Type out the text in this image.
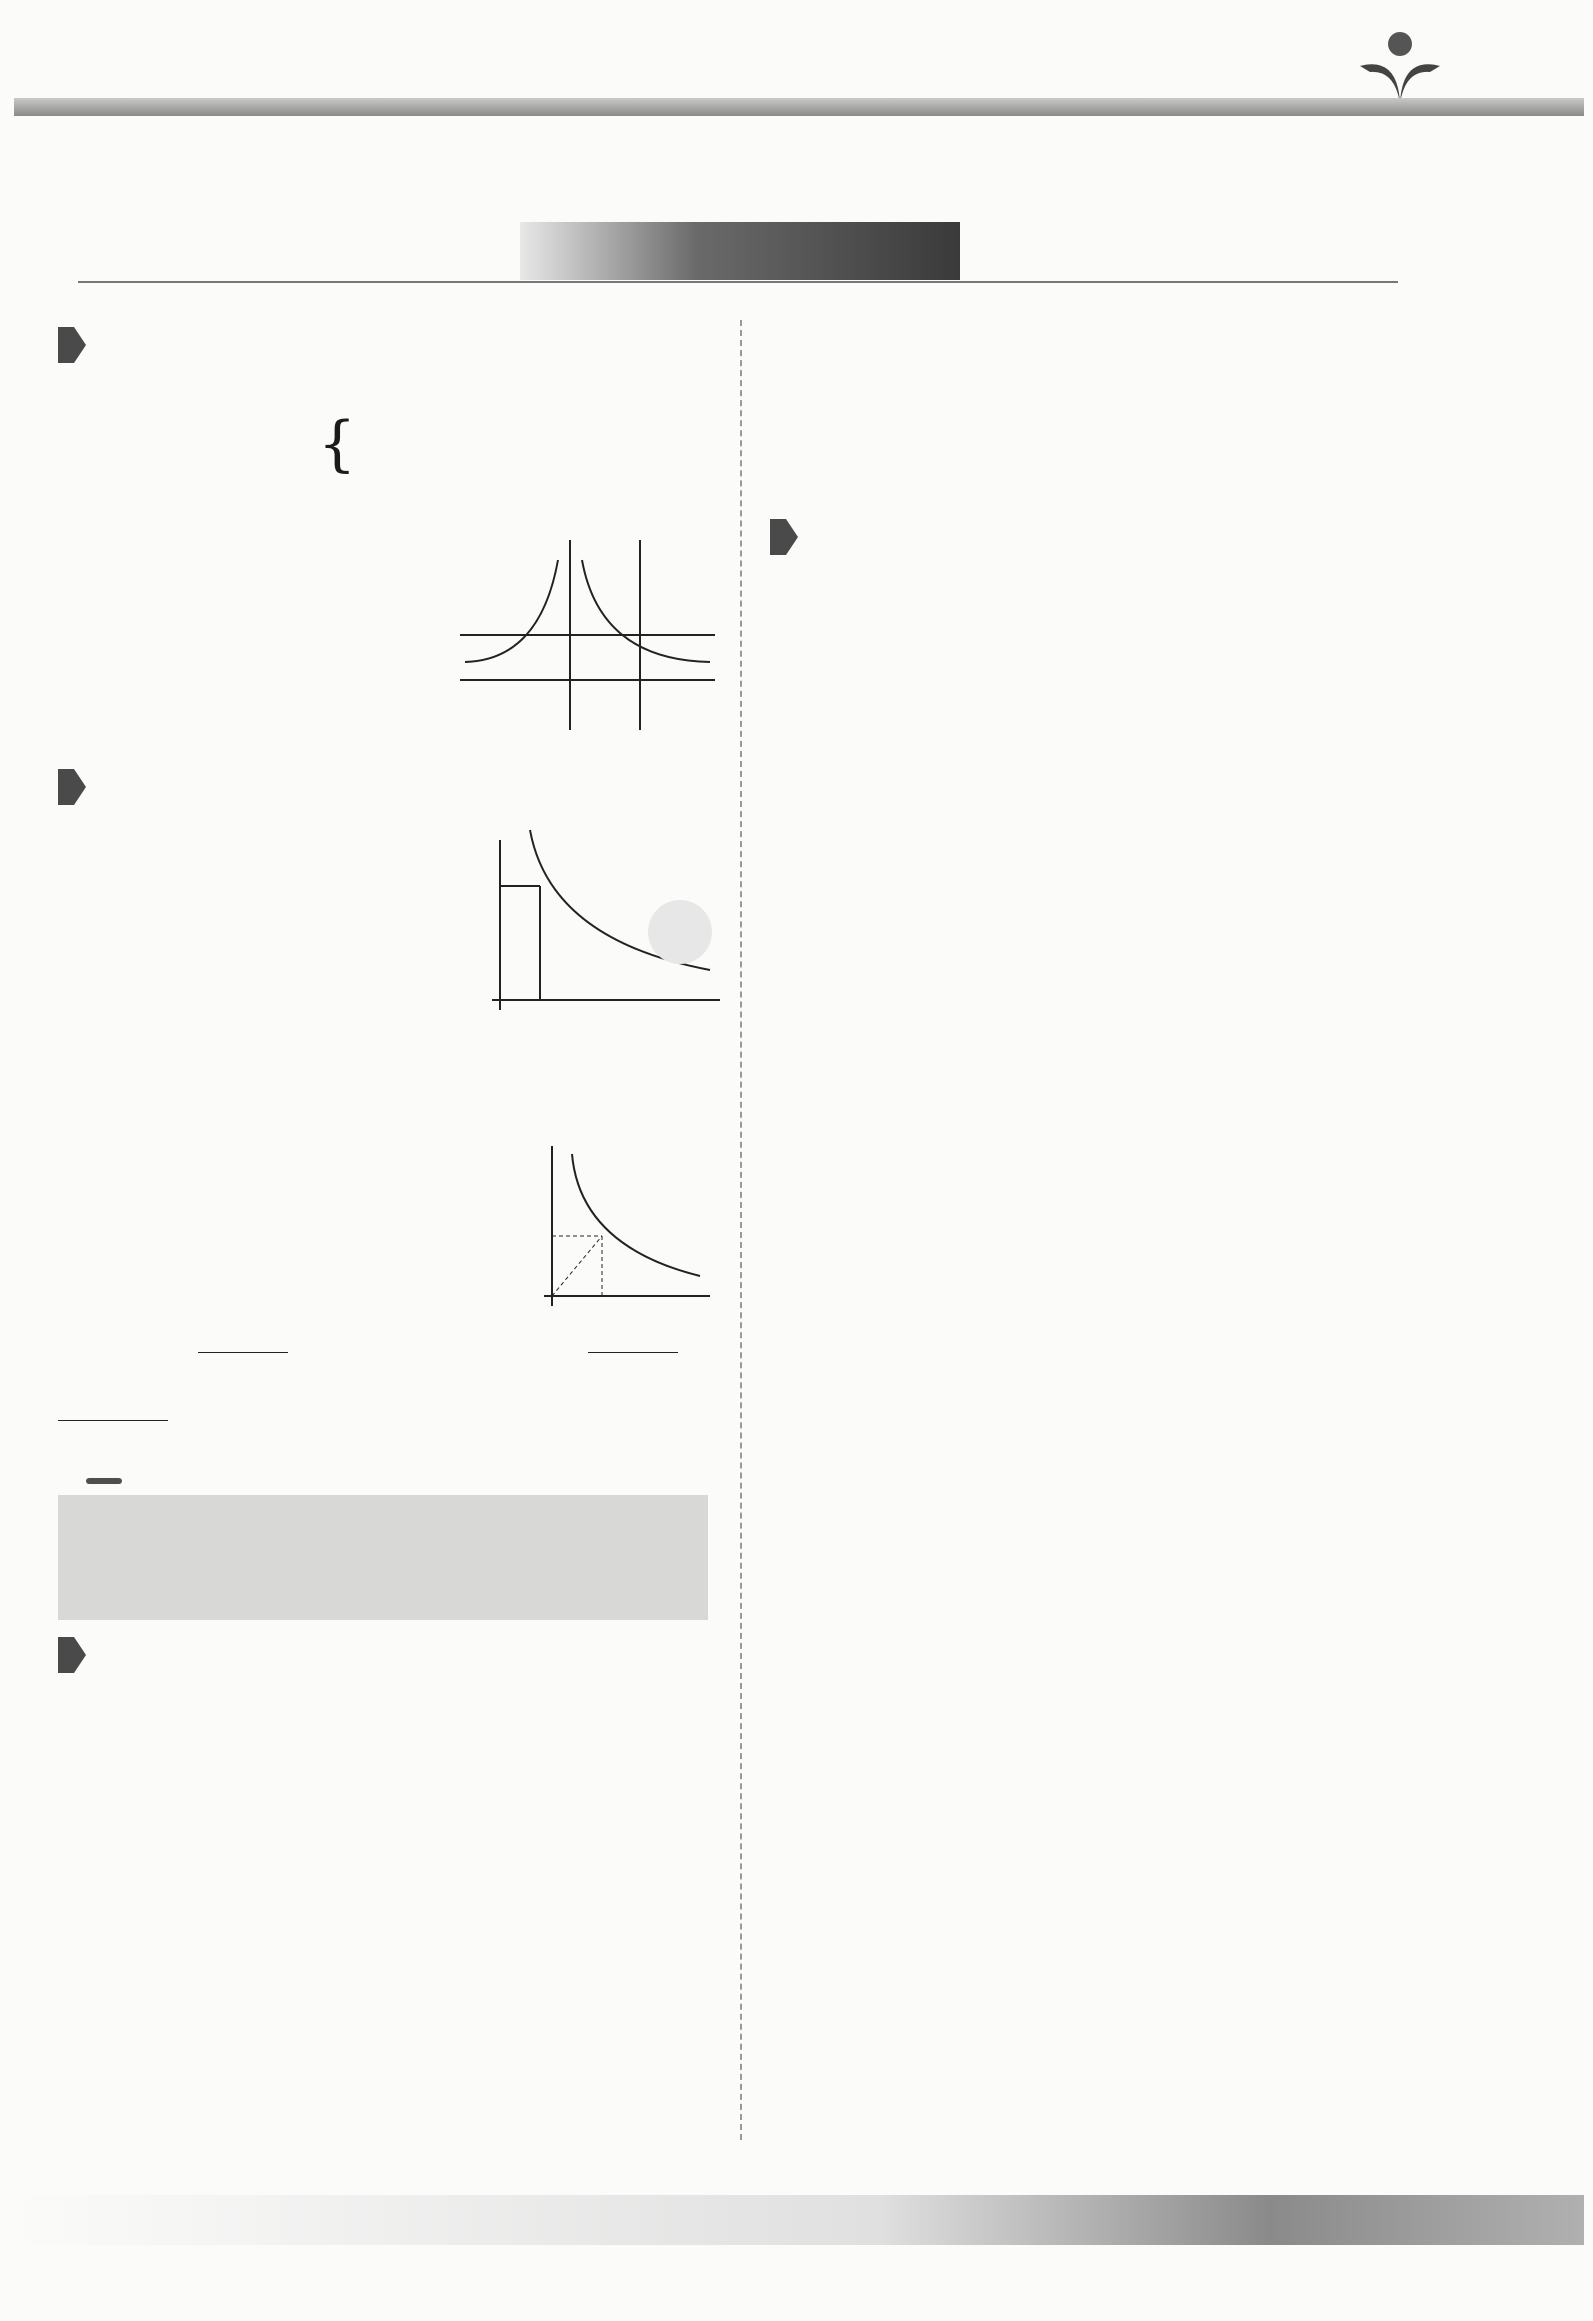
{
